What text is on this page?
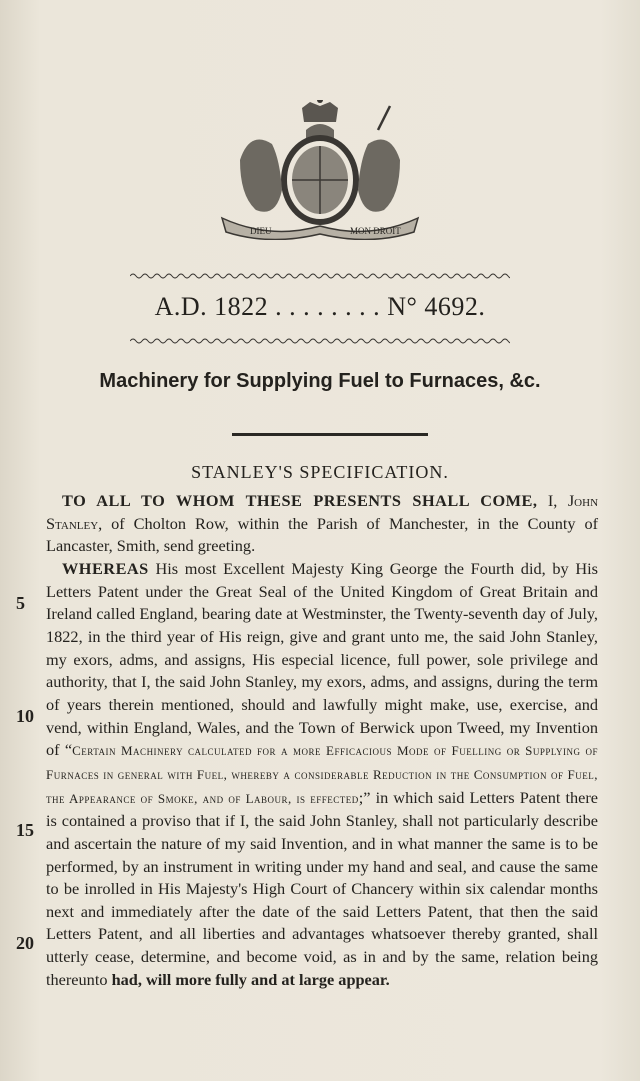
DIEU	MON DROIT
A.D. 1822 . . . . . . . . N° 4692.
Machinery for Supplying Fuel to Furnaces, &c.
STANLEY'S SPECIFICATION.
5
10
15
20

TO ALL TO WHOM THESE PRESENTS SHALL COME, I, John Stanley, of Cholton Row, within the Parish of Manchester, in the County of Lancaster, Smith, send greeting.

WHEREAS His most Excellent Majesty King George the Fourth did, by His Letters Patent under the Great Seal of the United Kingdom of Great Britain and Ireland called England, bearing date at Westminster, the Twenty-seventh day of July, 1822, in the third year of His reign, give and grant unto me, the said John Stanley, my exors, adms, and assigns, His especial licence, full power, sole privilege and authority, that I, the said John Stanley, my exors, adms, and assigns, during the term of years therein mentioned, should and lawfully might make, use, exercise, and vend, within England, Wales, and the Town of Berwick upon Tweed, my Invention of “Certain Machinery calculated for a more Efficacious Mode of Fuelling or Supplying of Furnaces in general with Fuel, whereby a considerable Reduction in the Consumption of Fuel, the Appearance of Smoke, and of Labour, is effected;” in which said Letters Patent there is contained a proviso that if I, the said John Stanley, shall not particularly describe and ascertain the nature of my said Invention, and in what manner the same is to be performed, by an instrument in writing under my hand and seal, and cause the same to be inrolled in His Majesty's High Court of Chancery within six calendar months next and immediately after the date of the said Letters Patent, that then the said Letters Patent, and all liberties and advantages whatsoever thereby granted, shall utterly cease, determine, and become void, as in and by the same, relation being thereunto had, will more fully and at large appear.
